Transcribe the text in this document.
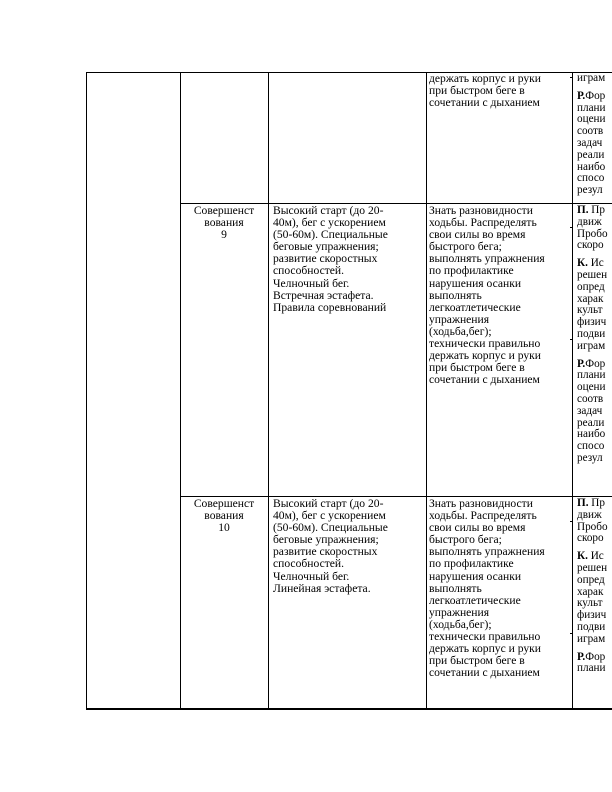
держать корпус и руки
при быстром беге в
сочетании с дыханием
играм
Р.Фор
плани
оцени
соотв
задач
реали
наибо
спосо
резул
Совершенст
вования
9
Высокий старт (до 20-
40м), бег с ускорением
(50-60м). Специальные
беговые упражнения;
развитие скоростных
способностей.
Челночный бег.
Встречная эстафета.
Правила соревнований
Знать разновидности
ходьбы. Распределять
свои силы во время
быстрого бега;
выполнять упражнения
по профилактике
нарушения осанки
выполнять
легкоатлетические
упражнения
(ходьба,бег);
технически правильно
держать корпус и руки
при быстром беге в
сочетании с дыханием
П. Пр
движ
Пробо
скоро
К. Ис
решен
опред
харак
культ
физич
подви
играм
Р.Фор
плани
оцени
соотв
задач
реали
наибо
спосо
резул
Совершенст
вования
10
Высокий старт (до 20-
40м), бег с ускорением
(50-60м). Специальные
беговые упражнения;
развитие скоростных
способностей.
Челночный бег.
Линейная эстафета.
Знать разновидности
ходьбы. Распределять
свои силы во время
быстрого бега;
выполнять упражнения
по профилактике
нарушения осанки
выполнять
легкоатлетические
упражнения
(ходьба,бег);
технически правильно
держать корпус и руки
при быстром беге в
сочетании с дыханием
П. Пр
движ
Пробо
скоро
К. Ис
решен
опред
харак
культ
физич
подви
играм
Р.Фор
плани
